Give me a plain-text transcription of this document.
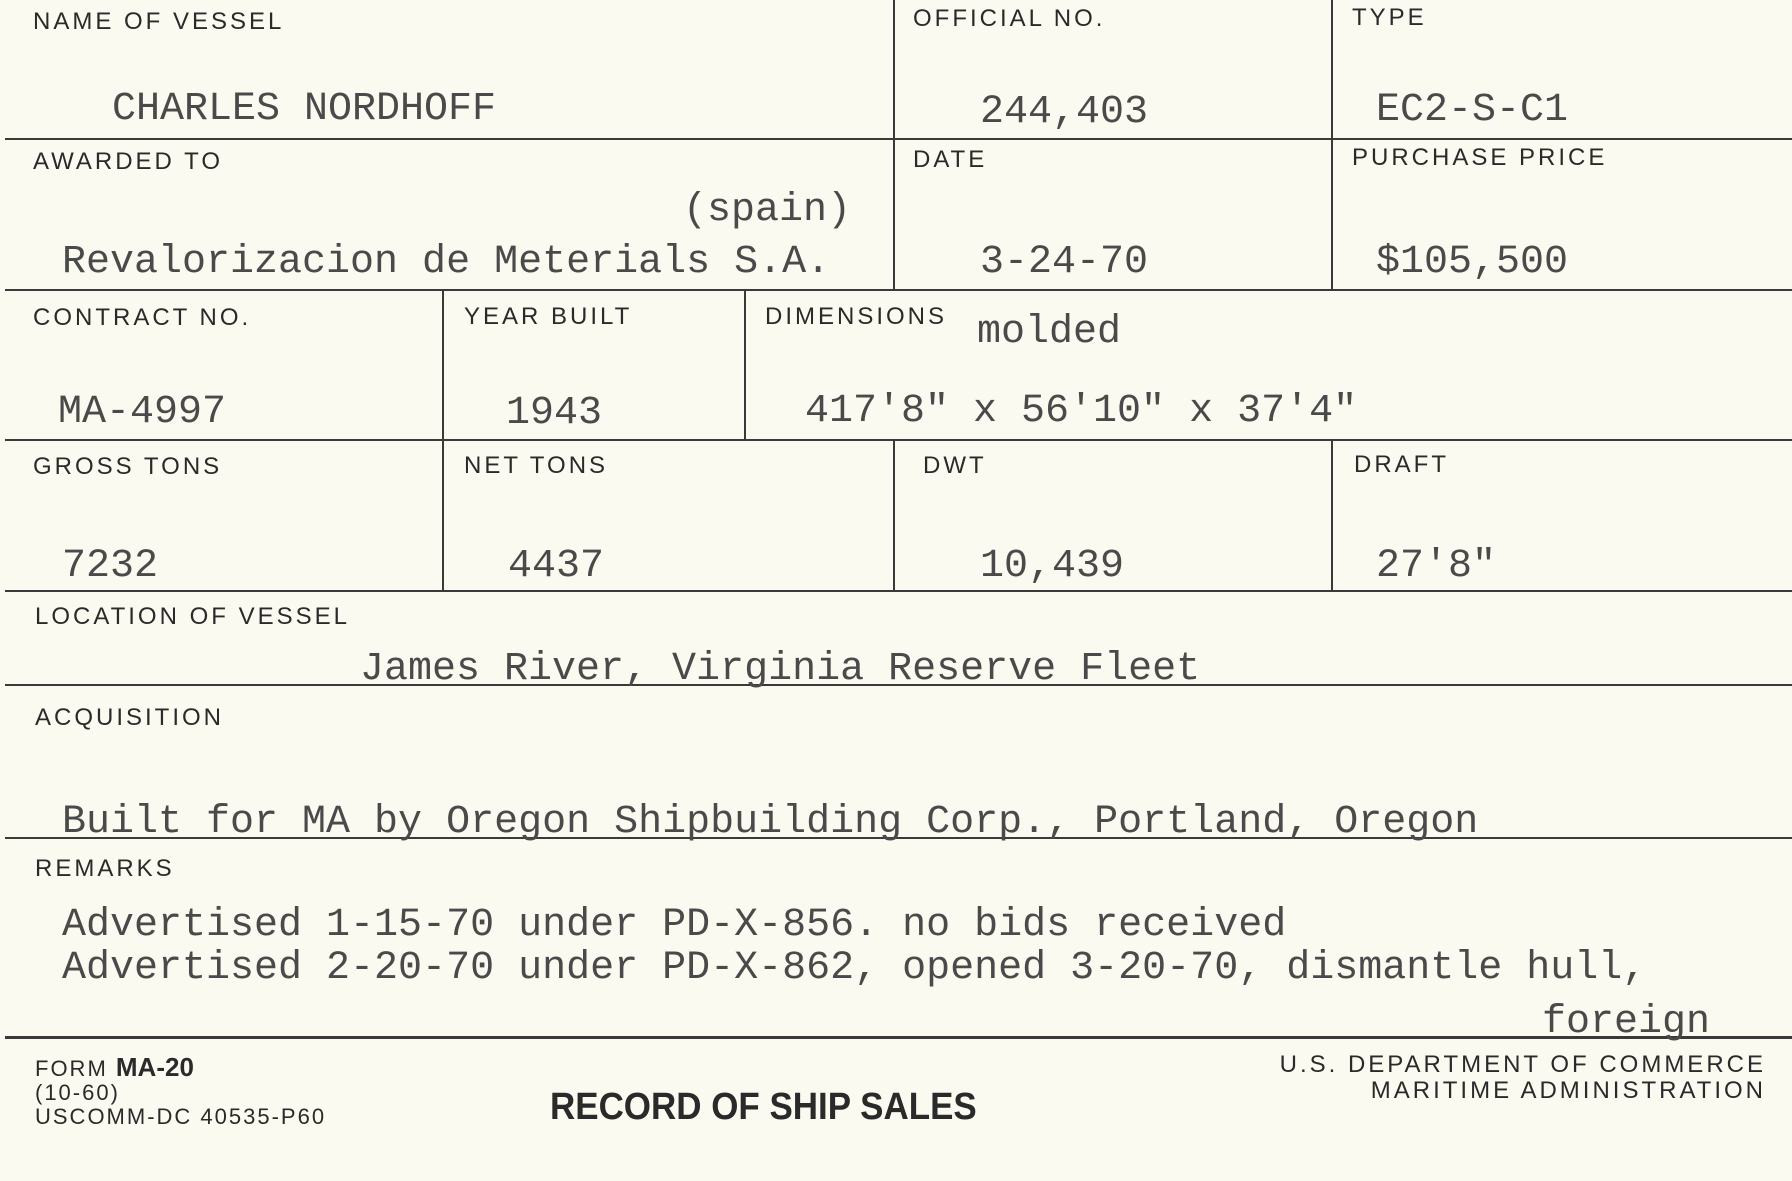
NAME OF VESSEL
CHARLES NORDHOFF
OFFICIAL NO.
244,403
TYPE
EC2-S-C1
AWARDED TO
(spain)
Revalorizacion de Meterials S.A.
DATE
3-24-70
PURCHASE PRICE
$105,500
CONTRACT NO.
MA-4997
YEAR BUILT
1943
DIMENSIONS molded
417'8" x 56'10" x 37'4"
GROSS TONS
7232
NET TONS
4437
DWT
10,439
DRAFT
27'8"
LOCATION OF VESSEL
James River, Virginia Reserve Fleet
ACQUISITION
Built for MA by Oregon Shipbuilding Corp., Portland, Oregon
REMARKS
Advertised 1-15-70 under PD-X-856. no bids received
Advertised 2-20-70 under PD-X-862, opened 3-20-70, dismantle hull,
foreign
FORM MA-20
(10-60)
USCOMM-DC 40535-P60	RECORD OF SHIP SALES
U.S. DEPARTMENT OF COMMERCE
MARITIME ADMINISTRATION
